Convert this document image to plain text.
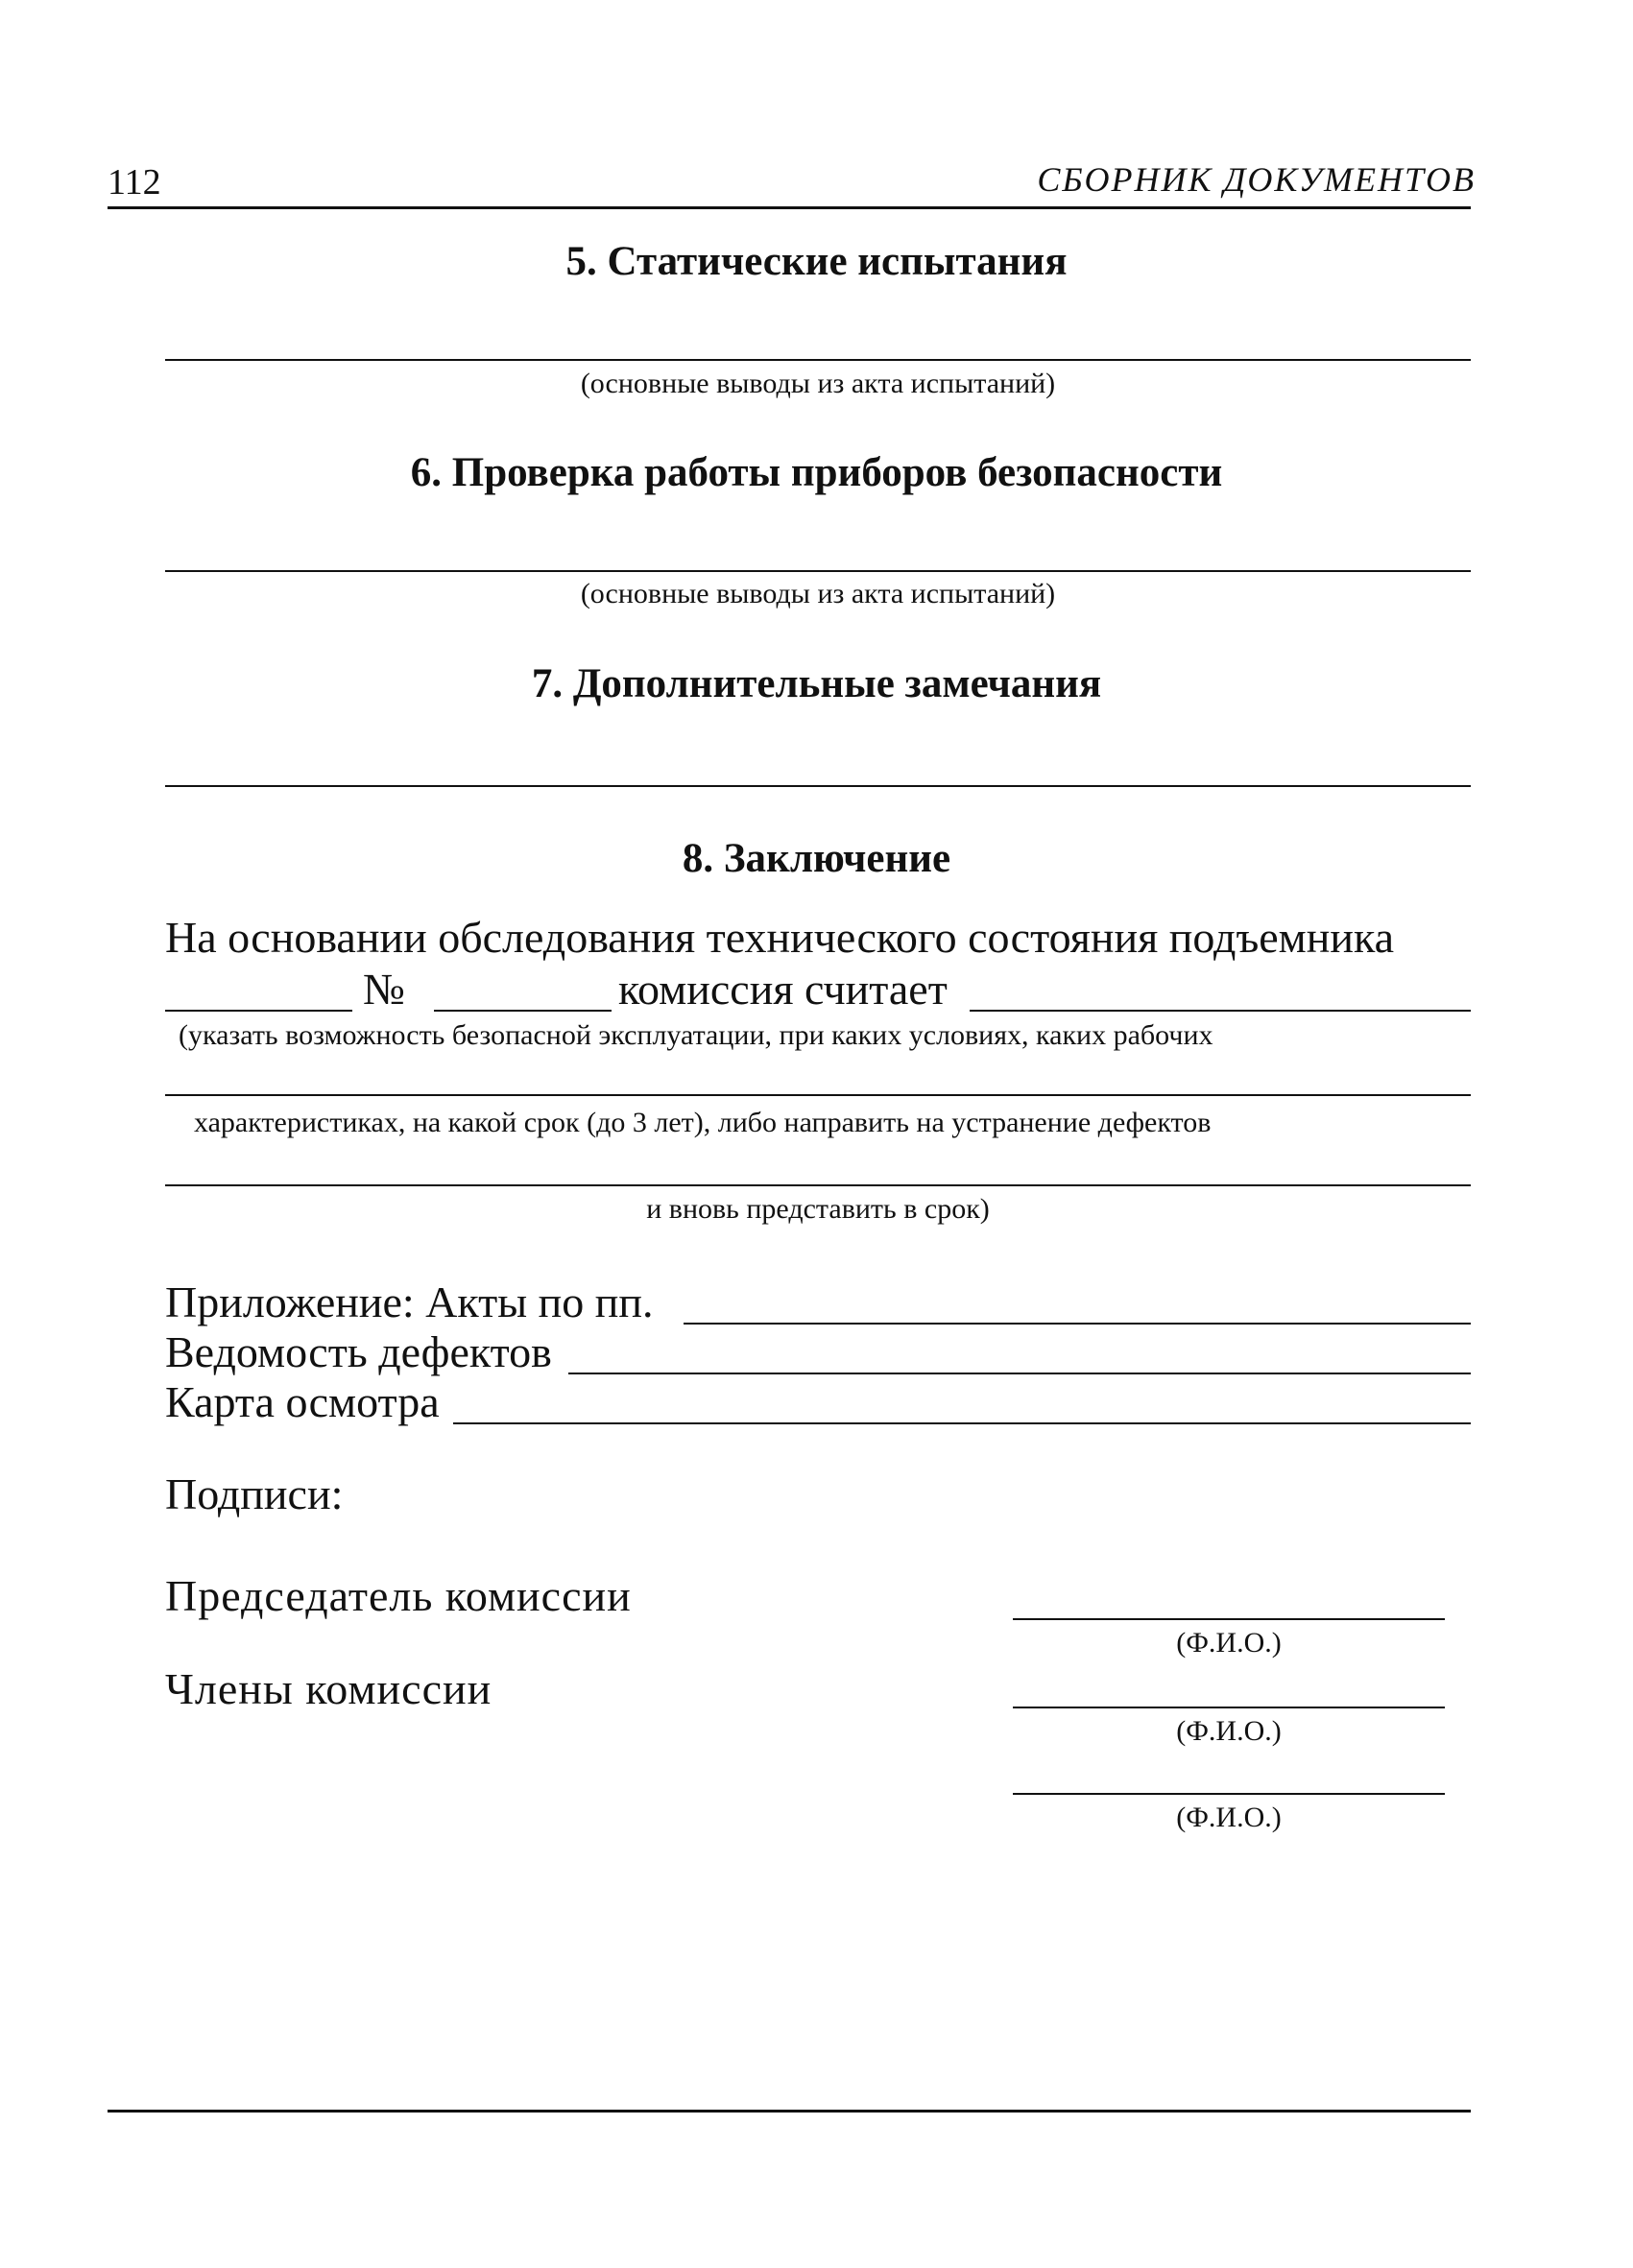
112	СБОРНИК ДОКУМЕНТОВ
5. Статические испытания
(основные выводы из акта испытаний)
6. Проверка работы приборов безопасности
(основные выводы из акта испытаний)
7. Дополнительные замечания
8. Заключение
На основании обследования технического состояния подъемника
№	комиссия считает
(указать возможность безопасной эксплуатации, при каких условиях, каких рабочих
характеристиках, на какой срок (до 3 лет), либо направить на устранение дефектов
и вновь представить в срок)
Приложение: Акты по пп.
Ведомость дефектов
Карта осмотра
Подписи:
Председатель комиссии
(Ф.И.О.)
Члены комиссии
(Ф.И.О.)
(Ф.И.О.)
